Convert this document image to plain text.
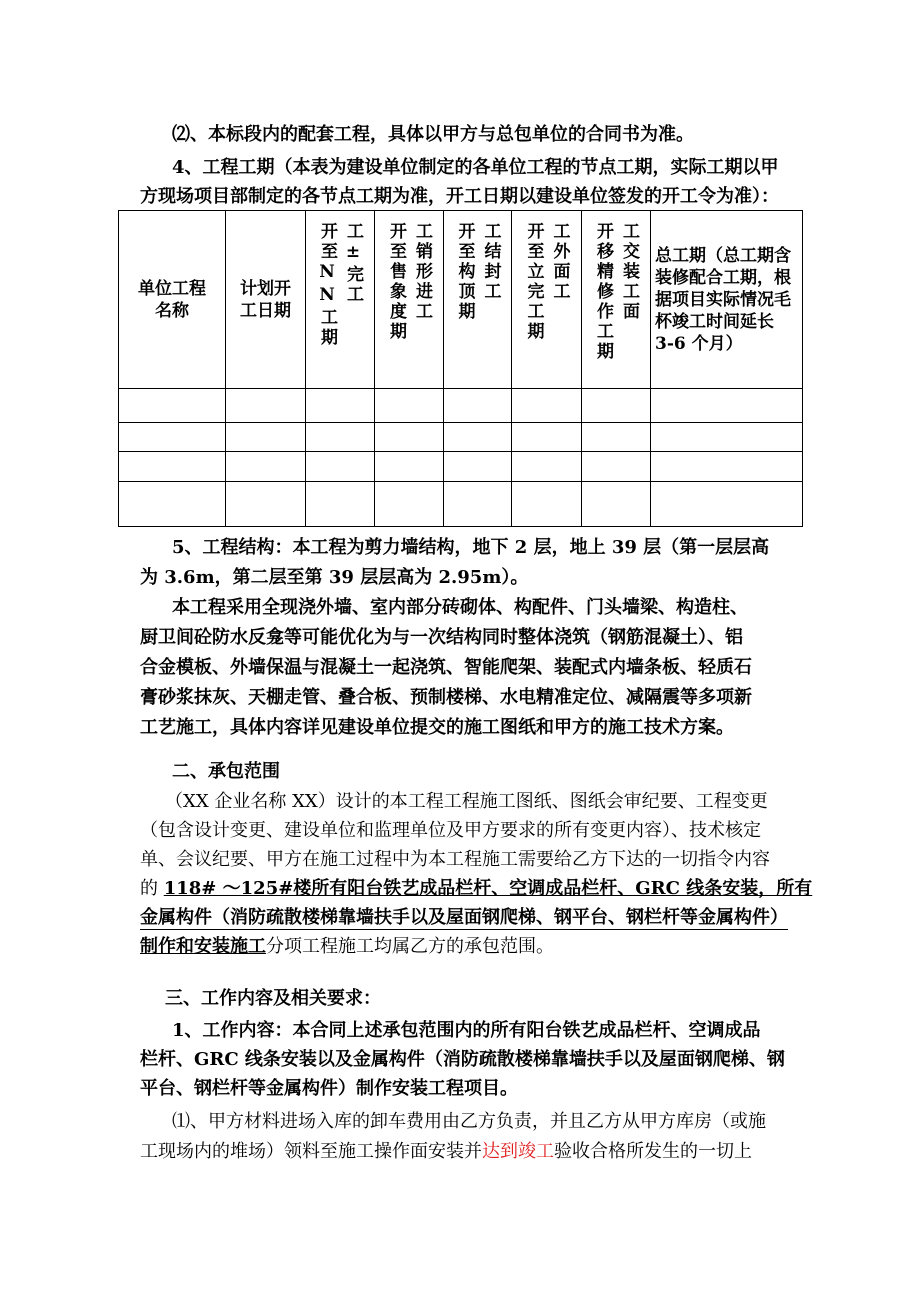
⑵、本标段内的配套工程，具体以甲方与总包单位的合同书为准。
4、工程工期（本表为建设单位制定的各单位工程的节点工期，实际工期以甲
方现场项目部制定的各节点工期为准，开工日期以建设单位签发的开工令为准）：
单位工程名称	计划开工日期	开至NN工期 工±完工	开至售象度期 工销形进工	开至构顶期 工结封工	开至立完工期 工外面工	开移精修作工期 工交装工面	总工期（总工期含装修配合工期，根据项目实际情况毛杯竣工时间延长 3-6 个月）

5、工程结构：本工程为剪力墙结构，地下 2 层，地上 39 层（第一层层高
为 3.6m，第二层至第 39 层层高为 2.95m）。
本工程采用全现浇外墙、室内部分砖砌体、构配件、门头墙梁、构造柱、
厨卫间砼防水反龛等可能优化为与一次结构同时整体浇筑（钢筋混凝土）、铝
合金模板、外墙保温与混凝土一起浇筑、智能爬架、装配式内墙条板、轻质石
膏砂浆抹灰、天棚走管、叠合板、预制楼梯、水电精准定位、减隔震等多项新
工艺施工，具体内容详见建设单位提交的施工图纸和甲方的施工技术方案。
二、承包范围
（XX 企业名称 XX）设计的本工程工程施工图纸、图纸会审纪要、工程变更
（包含设计变更、建设单位和监理单位及甲方要求的所有变更内容）、技术核定
单、会议纪要、甲方在施工过程中为本工程施工需要给乙方下达的一切指令内容
的 118# ～125#楼所有阳台铁艺成品栏杆、空调成品栏杆、GRC 线条安装，所有
金属构件（消防疏散楼梯靠墙扶手以及屋面钢爬梯、钢平台、钢栏杆等金属构件）
制作和安装施工分项工程施工均属乙方的承包范围。
三、工作内容及相关要求：
1、工作内容：本合同上述承包范围内的所有阳台铁艺成品栏杆、空调成品
栏杆、GRC 线条安装以及金属构件（消防疏散楼梯靠墙扶手以及屋面钢爬梯、钢
平台、钢栏杆等金属构件）制作安装工程项目。
⑴、甲方材料进场入库的卸车费用由乙方负责，并且乙方从甲方库房（或施
工现场内的堆场）领料至施工操作面安装并达到竣工验收合格所发生的一切上
